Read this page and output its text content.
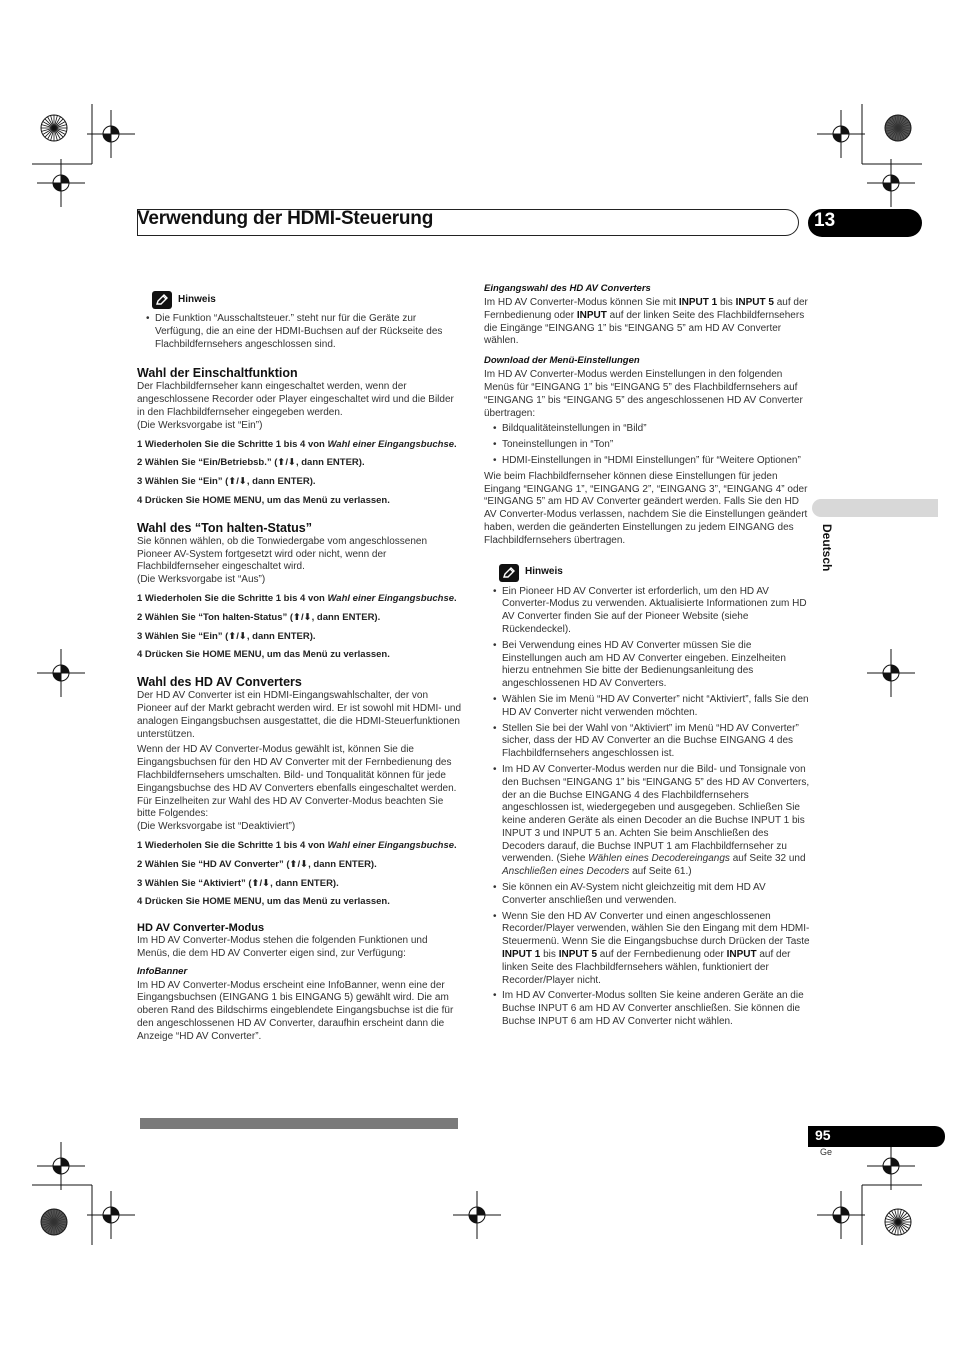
Verwendung der HDMI-Steuerung	13
Deutsch
Hinweis
• Die Funktion “Ausschaltsteuer.” steht nur für die Geräte zur Verfügung, die an eine der HDMI-Buchsen auf der Rückseite des Flachbildfernsehers angeschlossen sind.

Wahl der Einschaltfunktion

Der Flachbildfernseher kann eingeschaltet werden, wenn der angeschlossene Recorder oder Player eingeschaltet wird und die Bilder in den Flachbildfernseher eingegeben werden.

(Die Werksvorgabe ist “Ein”)

1 Wiederholen Sie die Schritte 1 bis 4 von Wahl einer Eingangsbuchse.

2 Wählen Sie “Ein/Betriebsb.” (⬆/⬇, dann ENTER).

3 Wählen Sie “Ein” (⬆/⬇, dann ENTER).

4 Drücken Sie HOME MENU, um das Menü zu verlassen.

Wahl des “Ton halten-Status”

Sie können wählen, ob die Tonwiedergabe vom angeschlossenen Pioneer AV-System fortgesetzt wird oder nicht, wenn der Flachbildfernseher eingeschaltet wird.

(Die Werksvorgabe ist “Aus”)

1 Wiederholen Sie die Schritte 1 bis 4 von Wahl einer Eingangsbuchse.

2 Wählen Sie “Ton halten-Status” (⬆/⬇, dann ENTER).

3 Wählen Sie “Ein” (⬆/⬇, dann ENTER).

4 Drücken Sie HOME MENU, um das Menü zu verlassen.

Wahl des HD AV Converters

Der HD AV Converter ist ein HDMI-Eingangswahlschalter, der von Pioneer auf der Markt gebracht werden wird. Er ist sowohl mit HDMI- und analogen Eingangsbuchsen ausgestattet, die die HDMI-Steuerfunktionen unterstützen.

Wenn der HD AV Converter-Modus gewählt ist, können Sie die Eingangsbuchsen für den HD AV Converter mit der Fernbedienung des Flachbildfernsehers umschalten. Bild- und Tonqualität können für jede Eingangsbuchse des HD AV Converters ebenfalls eingeschaltet werden. Für Einzelheiten zur Wahl des HD AV Converter-Modus beachten Sie bitte Folgendes:

(Die Werksvorgabe ist “Deaktiviert”)

1 Wiederholen Sie die Schritte 1 bis 4 von Wahl einer Eingangsbuchse.

2 Wählen Sie “HD AV Converter” (⬆/⬇, dann ENTER).

3 Wählen Sie “Aktiviert” (⬆/⬇, dann ENTER).

4 Drücken Sie HOME MENU, um das Menü zu verlassen.

HD AV Converter-Modus

Im HD AV Converter-Modus stehen die folgenden Funktionen und Menüs, die dem HD AV Converter eigen sind, zur Verfügung:

InfoBanner

Im HD AV Converter-Modus erscheint eine InfoBanner, wenn eine der Eingangsbuchsen (EINGANG 1 bis EINGANG 5) gewählt wird. Die am oberen Rand des Bildschirms eingeblendete Eingangsbuchse ist die für den angeschlossenen HD AV Converter, daraufhin erscheint dann die Anzeige “HD AV Converter”.

Eingangswahl des HD AV Converters

Im HD AV Converter-Modus können Sie mit INPUT 1 bis INPUT 5 auf der Fernbedienung oder INPUT auf der linken Seite des Flachbildfernsehers die Eingänge “EINGANG 1” bis “EINGANG 5” am HD AV Converter wählen.

Download der Menü-Einstellungen

Im HD AV Converter-Modus werden Einstellungen in den folgenden Menüs für “EINGANG 1” bis “EINGANG 5” des Flachbildfernsehers auf “EINGANG 1” bis “EINGANG 5” des angeschlossenen HD AV Converter übertragen:

• Bildqualitäteinstellungen in “Bild”
• Toneinstellungen in “Ton”
• HDMI-Einstellungen in “HDMI Einstellungen” für “Weitere Optionen”

Wie beim Flachbildfernseher können diese Einstellungen für jeden Eingang “EINGANG 1”, “EINGANG 2”, “EINGANG 3”, “EINGANG 4” oder “EINGANG 5” am HD AV Converter geändert werden. Falls Sie den HD AV Converter-Modus verlassen, nachdem Sie die Einstellungen geändert haben, werden die geänderten Einstellungen zu jedem EINGANG des Flachbildfernsehers übertragen.

Hinweis
• Ein Pioneer HD AV Converter ist erforderlich, um den HD AV Converter-Modus zu verwenden. Aktualisierte Informationen zum HD AV Converter finden Sie auf der Pioneer Website (siehe Rückendeckel).
• Bei Verwendung eines HD AV Converter müssen Sie die Einstellungen auch am HD AV Converter eingeben. Einzelheiten hierzu entnehmen Sie bitte der Bedienungsanleitung des angeschlossenen HD AV Converters.
• Wählen Sie im Menü “HD AV Converter” nicht “Aktiviert”, falls Sie den HD AV Converter nicht verwenden möchten.
• Stellen Sie bei der Wahl von “Aktiviert” im Menü “HD AV Converter” sicher, dass der HD AV Converter an die Buchse EINGANG 4 des Flachbildfernsehers angeschlossen ist.
• Im HD AV Converter-Modus werden nur die Bild- und Tonsignale von den Buchsen “EINGANG 1” bis “EINGANG 5” des HD AV Converters, der an die Buchse EINGANG 4 des Flachbildfernsehers angeschlossen ist, wiedergegeben und ausgegeben. Schließen Sie keine anderen Geräte als einen Decoder an die Buchse INPUT 1 bis INPUT 3 und INPUT 5 an. Achten Sie beim Anschließen des Decoders darauf, die Buchse INPUT 1 am Flachbildfernseher zu verwenden. (Siehe Wählen eines Decodereingangs auf Seite 32 und Anschließen eines Decoders auf Seite 61.)
• Sie können ein AV-System nicht gleichzeitig mit dem HD AV Converter anschließen und verwenden.
• Wenn Sie den HD AV Converter und einen angeschlossenen Recorder/Player verwenden, wählen Sie den Eingang mit dem HDMI-Steuermenü. Wenn Sie die Eingangsbuchse durch Drücken der Taste INPUT 1 bis INPUT 5 auf der Fernbedienung oder INPUT auf der linken Seite des Flachbildfernsehers wählen, funktioniert der Recorder/Player nicht.
• Im HD AV Converter-Modus sollten Sie keine anderen Geräte an die Buchse INPUT 6 am HD AV Converter anschließen. Sie können die Buchse INPUT 6 am HD AV Converter nicht wählen.
95
Ge
